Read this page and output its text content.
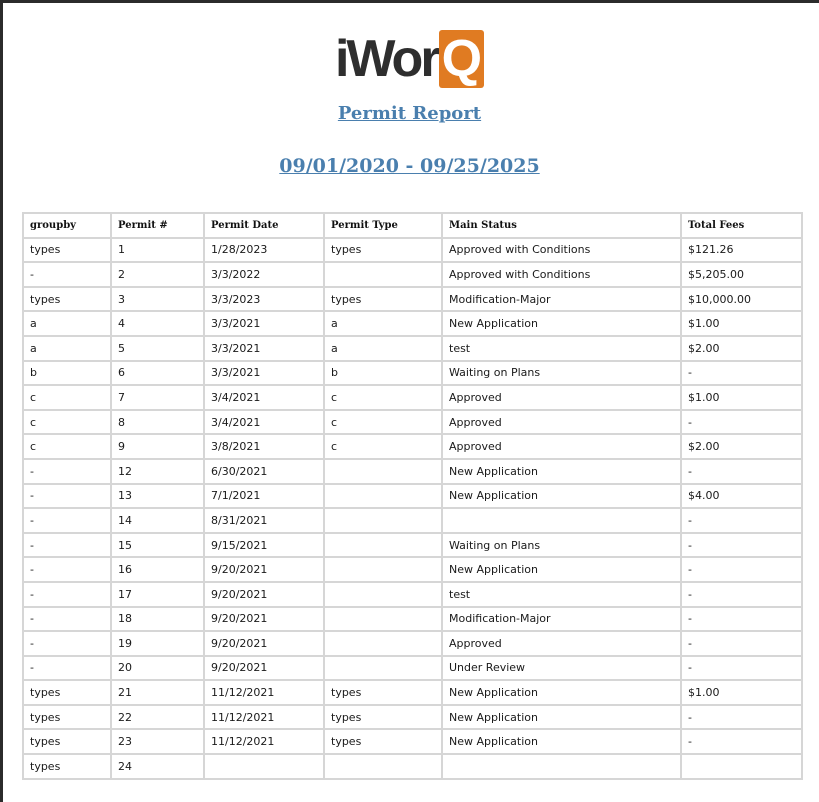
iWorQ
Permit Report
09/01/2020 - 09/25/2025
groupby	Permit #	Permit Date	Permit Type	Main Status	Total Fees
types	1	1/28/2023	types	Approved with Conditions	$121.26
-	2	3/3/2022		Approved with Conditions	$5,205.00
types	3	3/3/2023	types	Modification-Major	$10,000.00
a	4	3/3/2021	a	New Application	$1.00
a	5	3/3/2021	a	test	$2.00
b	6	3/3/2021	b	Waiting on Plans	-
c	7	3/4/2021	c	Approved	$1.00
c	8	3/4/2021	c	Approved	-
c	9	3/8/2021	c	Approved	$2.00
-	12	6/30/2021		New Application	-
-	13	7/1/2021		New Application	$4.00
-	14	8/31/2021			-
-	15	9/15/2021		Waiting on Plans	-
-	16	9/20/2021		New Application	-
-	17	9/20/2021		test	-
-	18	9/20/2021		Modification-Major	-
-	19	9/20/2021		Approved	-
-	20	9/20/2021		Under Review	-
types	21	11/12/2021	types	New Application	$1.00
types	22	11/12/2021	types	New Application	-
types	23	11/12/2021	types	New Application	-
types	24				
